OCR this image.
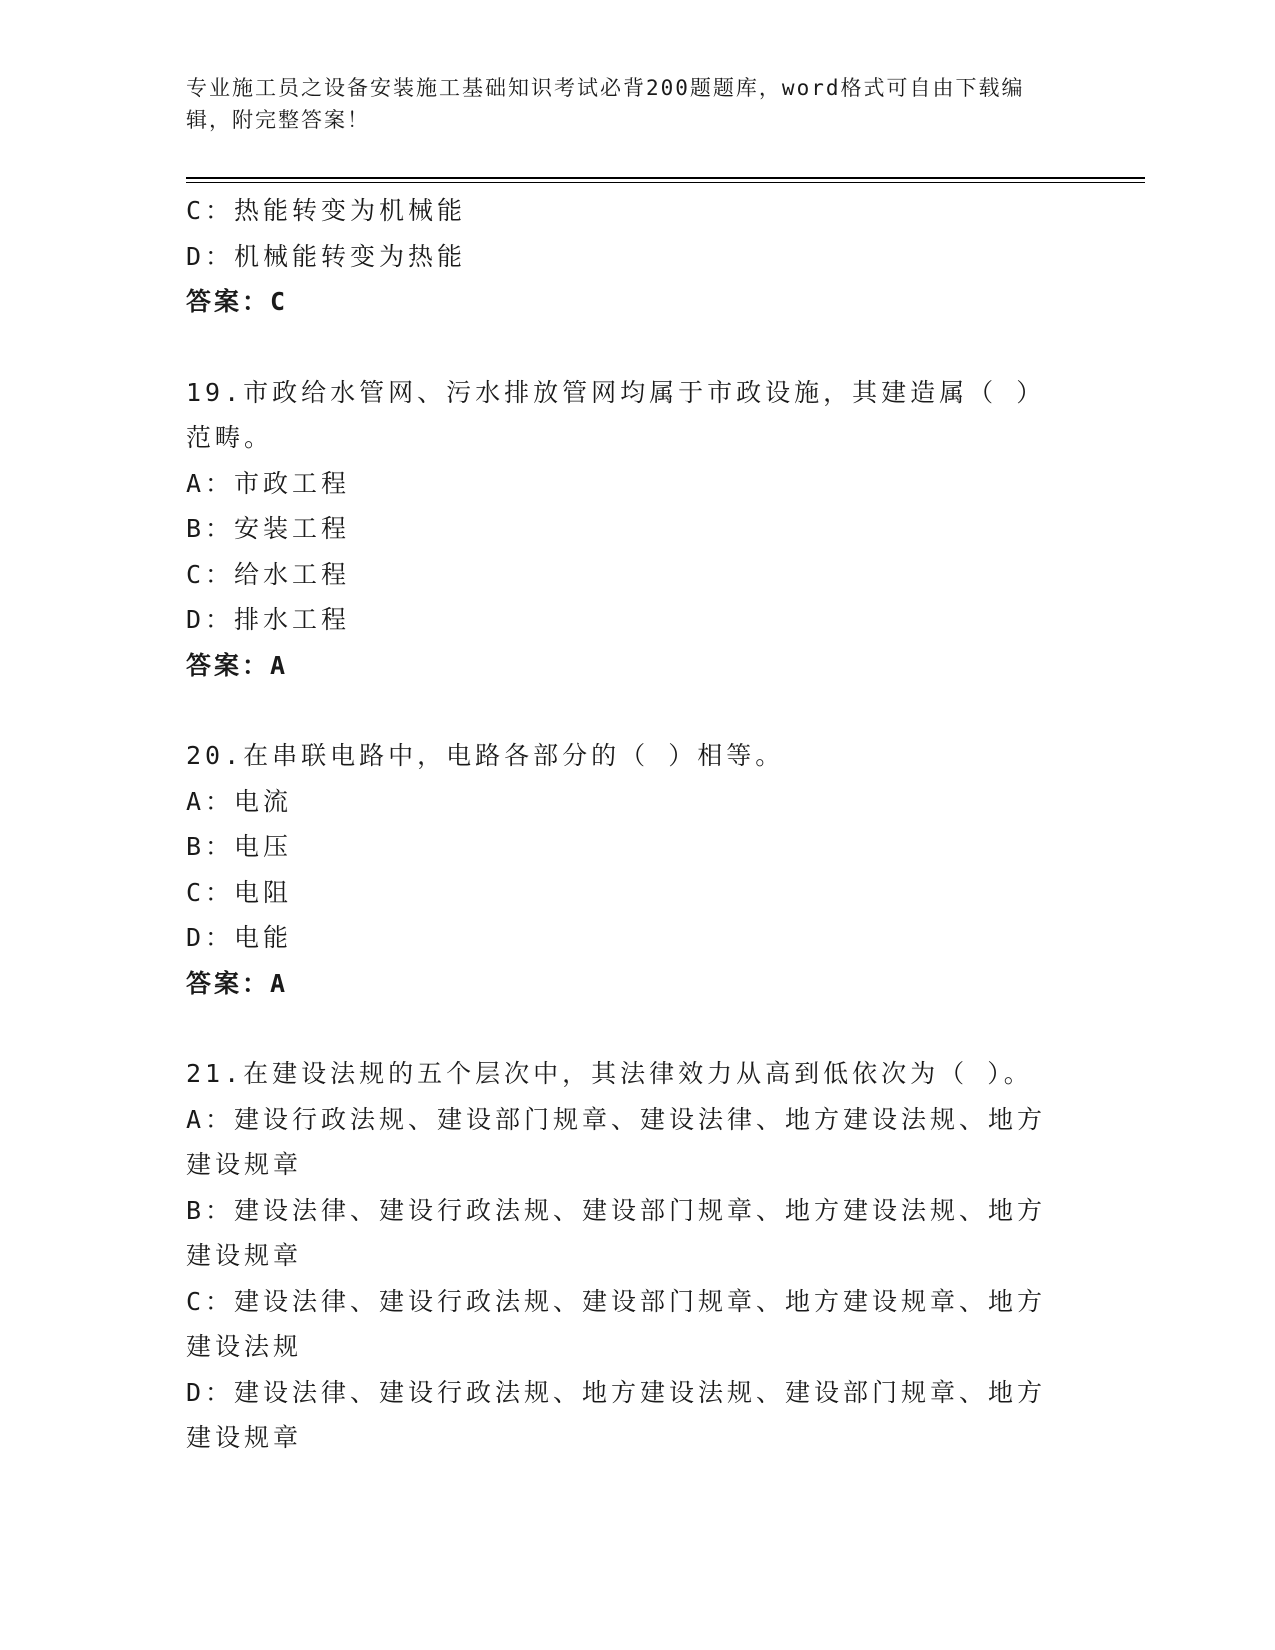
专业施工员之设备安装施工基础知识考试必背200题题库，word格式可自由下载编辑，附完整答案！

C：热能转变为机械能

D：机械能转变为热能

答案：C

19.市政给水管网、污水排放管网均属于市政设施，其建造属（ ）范畴。

A：市政工程

B：安装工程

C：给水工程

D：排水工程

答案：A

20.在串联电路中，电路各部分的（ ）相等。

A：电流

B：电压

C：电阻

D：电能

答案：A

21.在建设法规的五个层次中，其法律效力从高到低依次为（ ）。

A：建设行政法规、建设部门规章、建设法律、地方建设法规、地方建设规章

B：建设法律、建设行政法规、建设部门规章、地方建设法规、地方建设规章

C：建设法律、建设行政法规、建设部门规章、地方建设规章、地方建设法规

D：建设法律、建设行政法规、地方建设法规、建设部门规章、地方建设规章
